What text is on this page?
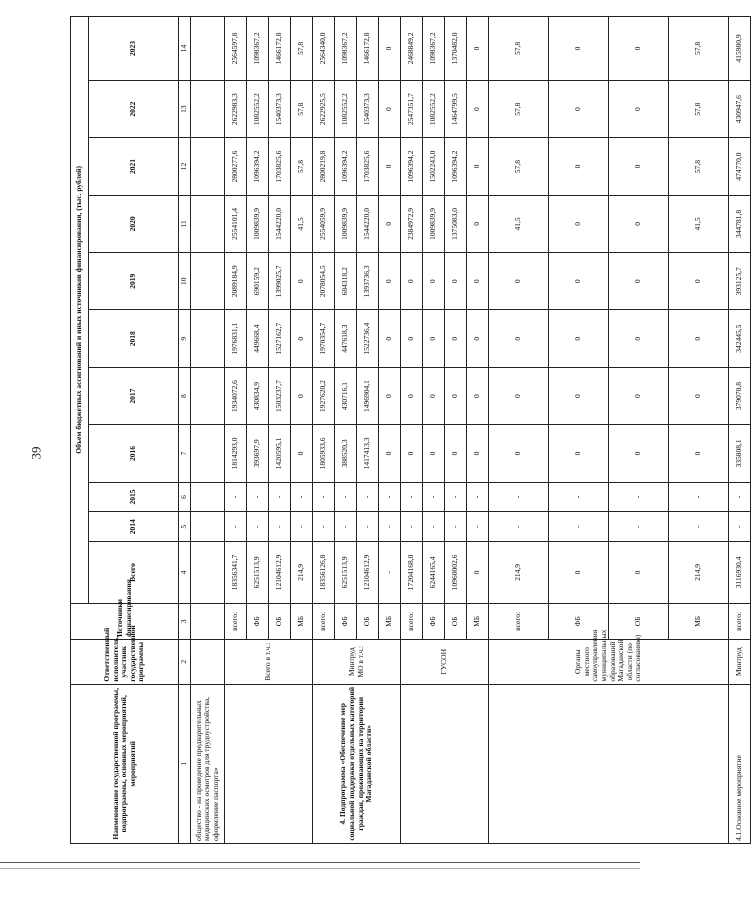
39
Наименование государственной программы, подпрограммы, основных мероприятий, мероприятий	Ответственный исполнитель, участник государственной программы	Источники финансирования	Объем бюджетных ассигнований и иных источников финансирования, (тыс. рублей)										
			Всего	2014	2015	2016	2017	2018	2019	2020	2021	2022	2023
1	2	3	4	5	6	7	8	9	10	11	12	13	14
общество - на проведение предварительных медицинских осмотров для трудоустройства, оформление паспорта»													
	Всего в т.ч.:	всего:	18356341,7	-	-	1814293,0	1934072,6	1976831,1	2089184,9	2554101,4	2800277,6	2622983,3	2564597,8
		ФБ	6251513,9	-	-	393697,9	430834,9	449668,4	690159,2	1009839,9	1096394,2	1082552,2	1098367,2
		ОБ	12104612,9	-	-	1420595,1	1503237,7	1527162,7	1399025,7	1544220,0	1703825,6	1540373,3	1466172,8
		МБ	214,9	-	-	0	0	0	0	41,5	57,8	57,8	57,8
4. Подпрограмма «Обеспечение мер социальной поддержки отдельных категорий граждан, проживающих на территории Магаданской области»	Минтруд МО в т.ч.:	всего:	18356126,8	-	-	1805933,6	1927620,2	1970354,7	2078054,5	2554059,9	2800219,8	2622925,5	2564340,0
		ФБ	6251513,9	-	-	388520,3	430716,1	447618,3	684318,2	1009839,9	1096394,2	1082552,2	1098367,2
		ОБ	12104612,9	-	-	1417413,3	1496904,1	1522736,4	1393736,3	1544220,0	1703825,6	1540373,3	1466172,8
		МБ	-	-	-	0	0	0	0	0	0	0	0
	ГУСОН	всего:	17204168,0	-	-	0	0	0	0	2384972,9	1096394,2	2547351,7	2468849,2
		ФБ	6244165,4	-	-	0	0	0	0	1009839,9	1502243,0	1082552,2	1098367,2
		ОБ	10960002,6	-	-	0	0	0	0	1375083,0	1096394,2	1464799,5	1370482,0
		МБ	0	-	-	0	0	0	0	0	0	0	0
	Органы местного самоуправления муниципальных образований Магаданской области (по согласованию)	всего:	214,9	-	-	0	0	0	0	41,5	57,8	57,8	57,8
		ФБ	0	-	-	0	0	0	0	0	0	0	0
		ОБ	0	-	-	0	0	0	0	0	0	0	0
		МБ	214,9	-	-	0	0	0	0	41,5	57,8	57,8	57,8
4.1.Основное мероприятие	Минтруд	всего:	3116930,4	-	-	335808,1	379070,8	342445,5	393125,7	344781,8	474770,0	430947,6	415980,9
